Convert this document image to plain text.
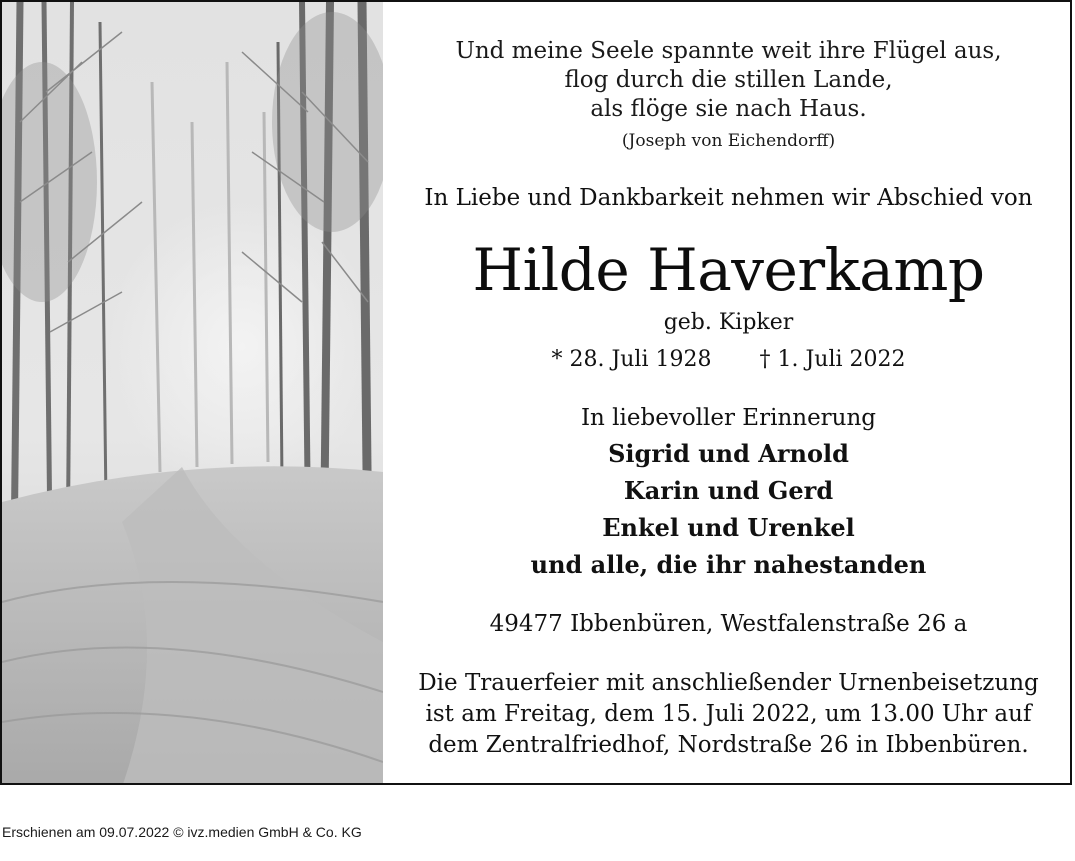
Und meine Seele spannte weit ihre Flügel aus,
flog durch die stillen Lande,
als flöge sie nach Haus.
(Joseph von Eichendorff)
In Liebe und Dankbarkeit nehmen wir Abschied von
Hilde Haverkamp
geb. Kipker
* 28. Juli 1928 † 1. Juli 2022
In liebevoller Erinnerung
Sigrid und Arnold
Karin und Gerd
Enkel und Urenkel
und alle, die ihr nahestanden
49477 Ibbenbüren, Westfalenstraße 26 a
Die Trauerfeier mit anschließender Urnenbeisetzung
ist am Freitag, dem 15. Juli 2022, um 13.00 Uhr auf
dem Zentralfriedhof, Nordstraße 26 in Ibbenbüren.
Erschienen am 09.07.2022 © ivz.medien GmbH & Co. KG
